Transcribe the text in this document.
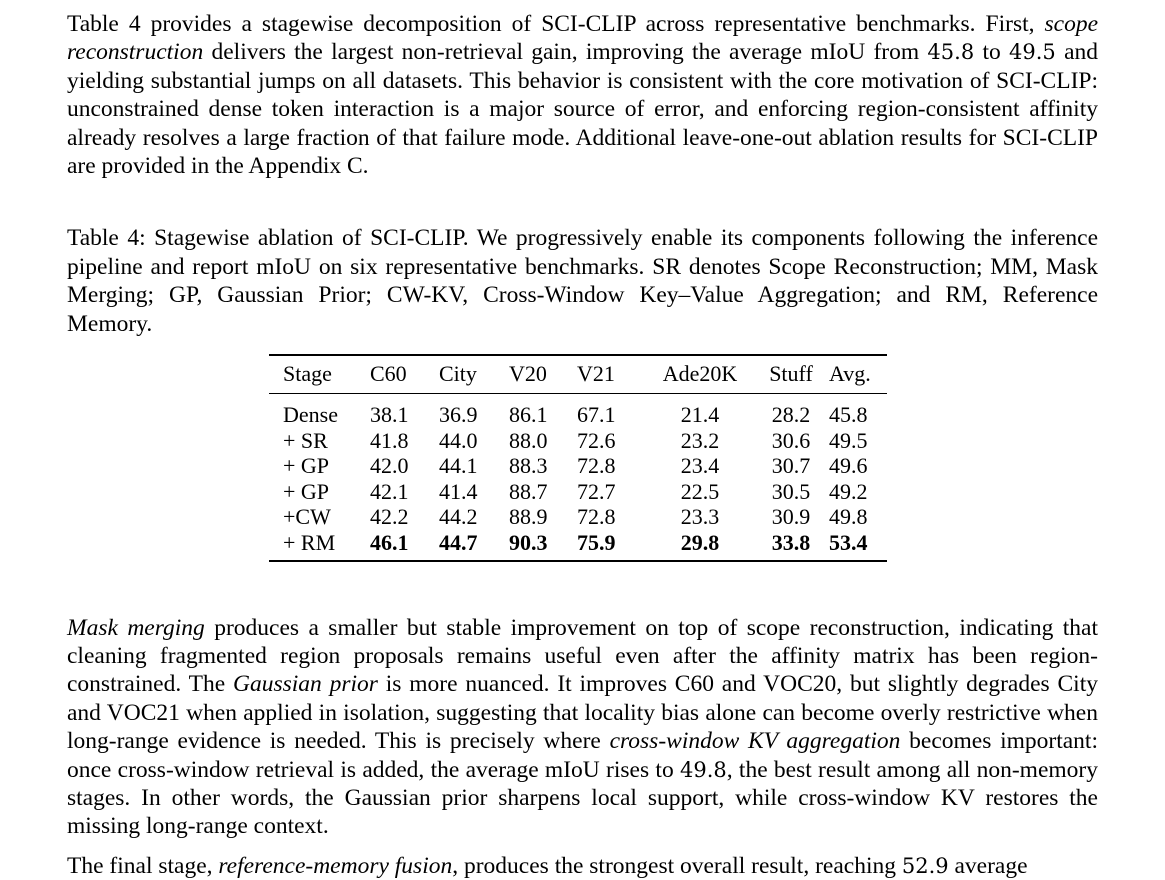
Table 4 provides a stagewise decomposition of SCI-CLIP across representative benchmarks. First, scope reconstruction delivers the largest non-retrieval gain, improving the average mIoU from 45.8 to 49.5 and yielding substantial jumps on all datasets. This behavior is consistent with the core motivation of SCI-CLIP: unconstrained dense token interaction is a major source of error, and enforcing region-consistent affinity already resolves a large fraction of that failure mode. Additional leave-one-out ablation results for SCI-CLIP are provided in the Appendix C.

Table 4: Stagewise ablation of SCI-CLIP. We progressively enable its components following the inference pipeline and report mIoU on six representative benchmarks. SR denotes Scope Reconstruction; MM, Mask Merging; GP, Gaussian Prior; CW-KV, Cross-Window Key–Value Aggregation; and RM, Reference Memory.

Stage	C60	City	V20	V21	Ade20K	Stuff	Avg.
Dense	38.1	36.9	86.1	67.1	21.4	28.2	45.8
+ SR	41.8	44.0	88.0	72.6	23.2	30.6	49.5
+ GP	42.0	44.1	88.3	72.8	23.4	30.7	49.6
+ GP	42.1	41.4	88.7	72.7	22.5	30.5	49.2
+CW	42.2	44.2	88.9	72.8	23.3	30.9	49.8
+ RM	46.1	44.7	90.3	75.9	29.8	33.8	53.4

Mask merging produces a smaller but stable improvement on top of scope reconstruction, indicating that cleaning fragmented region proposals remains useful even after the affinity matrix has been region-constrained. The Gaussian prior is more nuanced. It improves C60 and VOC20, but slightly degrades City and VOC21 when applied in isolation, suggesting that locality bias alone can become overly restrictive when long-range evidence is needed. This is precisely where cross-window KV aggregation becomes important: once cross-window retrieval is added, the average mIoU rises to 49.8, the best result among all non-memory stages. In other words, the Gaussian prior sharpens local support, while cross-window KV restores the missing long-range context.

The final stage, reference-memory fusion, produces the strongest overall result, reaching 52.9 average
